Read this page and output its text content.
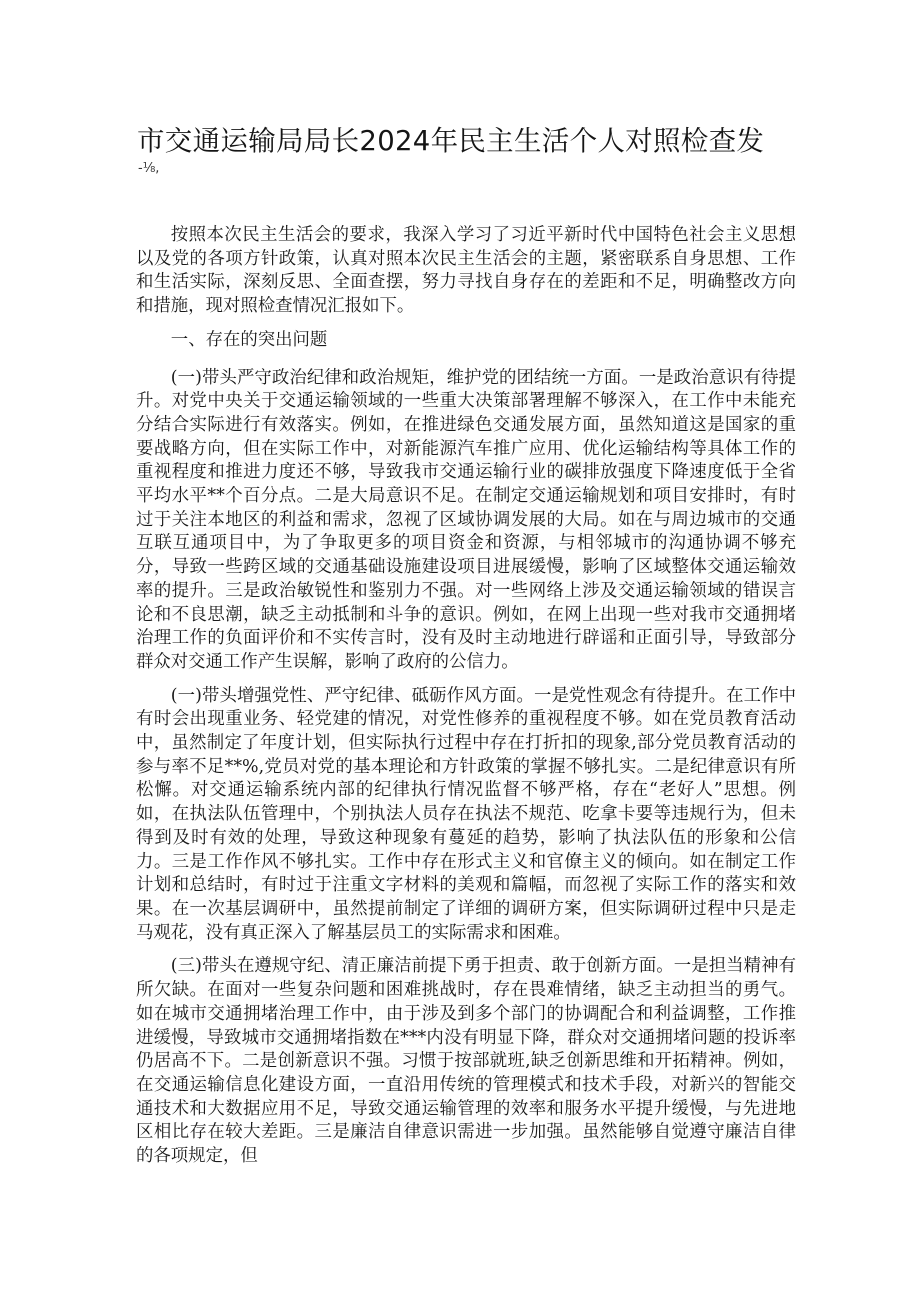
市交通运输局局长2024年民主生活个人对照检查发
-⅛,

按照本次民主生活会的要求，我深入学习了习近平新时代中国特色社会主义思想以及党的各项方针政策，认真对照本次民主生活会的主题，紧密联系自身思想、工作和生活实际，深刻反思、全面查摆，努力寻找自身存在的差距和不足，明确整改方向和措施，现对照检查情况汇报如下。

一、存在的突出问题

(一)带头严守政治纪律和政治规矩，维护党的团结统一方面。一是政治意识有待提升。对党中央关于交通运输领域的一些重大决策部署理解不够深入，在工作中未能充分结合实际进行有效落实。例如，在推进绿色交通发展方面，虽然知道这是国家的重要战略方向，但在实际工作中，对新能源汽车推广应用、优化运输结构等具体工作的重视程度和推进力度还不够，导致我市交通运输行业的碳排放强度下降速度低于全省平均水平**个百分点。二是大局意识不足。在制定交通运输规划和项目安排时，有时过于关注本地区的利益和需求，忽视了区域协调发展的大局。如在与周边城市的交通互联互通项目中，为了争取更多的项目资金和资源，与相邻城市的沟通协调不够充分，导致一些跨区域的交通基础设施建设项目进展缓慢，影响了区域整体交通运输效率的提升。三是政治敏锐性和鉴别力不强。对一些网络上涉及交通运输领域的错误言论和不良思潮，缺乏主动抵制和斗争的意识。例如，在网上出现一些对我市交通拥堵治理工作的负面评价和不实传言时，没有及时主动地进行辟谣和正面引导，导致部分群众对交通工作产生误解，影响了政府的公信力。

(一)带头增强党性、严守纪律、砥砺作风方面。一是党性观念有待提升。在工作中有时会出现重业务、轻党建的情况，对党性修养的重视程度不够。如在党员教育活动中，虽然制定了年度计划，但实际执行过程中存在打折扣的现象,部分党员教育活动的参与率不足**%,党员对党的基本理论和方针政策的掌握不够扎实。二是纪律意识有所松懈。对交通运输系统内部的纪律执行情况监督不够严格，存在“老好人”思想。例如，在执法队伍管理中，个别执法人员存在执法不规范、吃拿卡要等违规行为，但未得到及时有效的处理，导致这种现象有蔓延的趋势，影响了执法队伍的形象和公信力。三是工作作风不够扎实。工作中存在形式主义和官僚主义的倾向。如在制定工作计划和总结时，有时过于注重文字材料的美观和篇幅，而忽视了实际工作的落实和效果。在一次基层调研中，虽然提前制定了详细的调研方案，但实际调研过程中只是走马观花，没有真正深入了解基层员工的实际需求和困难。

(三)带头在遵规守纪、清正廉洁前提下勇于担责、敢于创新方面。一是担当精神有所欠缺。在面对一些复杂问题和困难挑战时，存在畏难情绪，缺乏主动担当的勇气。如在城市交通拥堵治理工作中，由于涉及到多个部门的协调配合和利益调整，工作推进缓慢，导致城市交通拥堵指数在***内没有明显下降，群众对交通拥堵问题的投诉率仍居高不下。二是创新意识不强。习惯于按部就班,缺乏创新思维和开拓精神。例如，在交通运输信息化建设方面，一直沿用传统的管理模式和技术手段，对新兴的智能交通技术和大数据应用不足，导致交通运输管理的效率和服务水平提升缓慢，与先进地区相比存在较大差距。三是廉洁自律意识需进一步加强。虽然能够自觉遵守廉洁自律的各项规定，但
